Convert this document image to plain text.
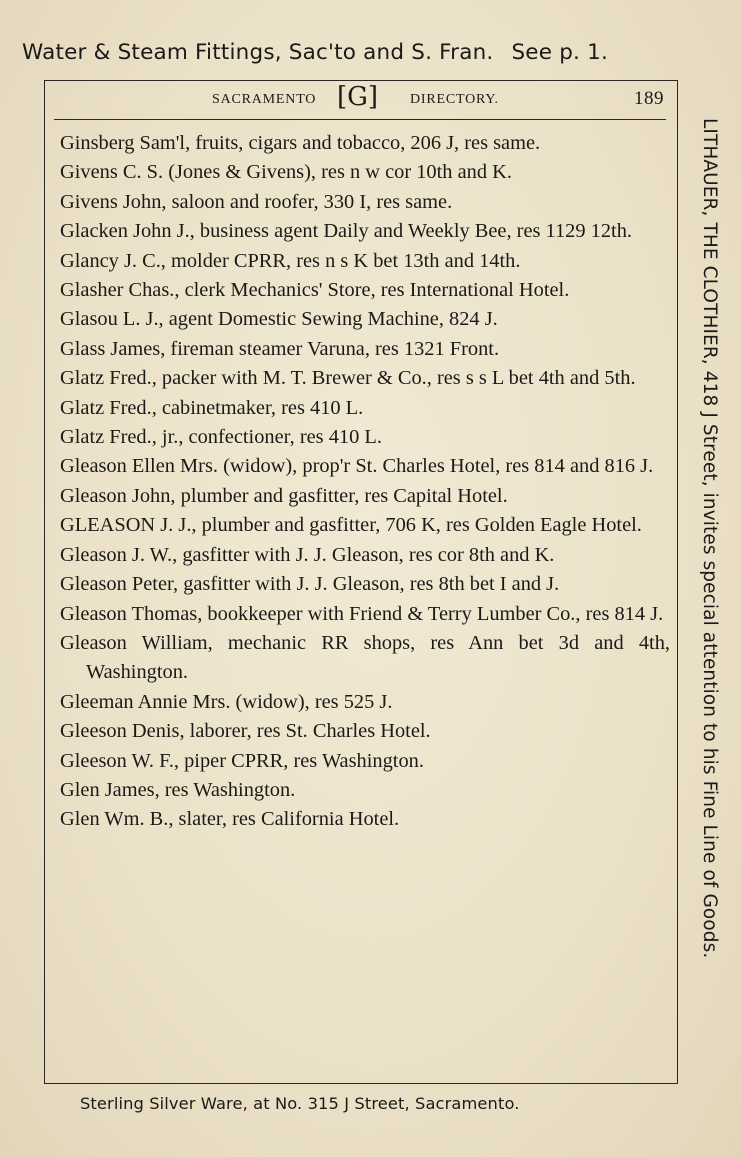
Water & Steam Fittings, Sac'to and S. Fran. See p. 1.
SACRAMENTO [G] DIRECTORY.	189
Ginsberg Sam'l, fruits, cigars and tobacco, 206 J, res same.
Givens C. S. (Jones & Givens), res n w cor 10th and K.
Givens John, saloon and roofer, 330 I, res same.
Glacken John J., business agent Daily and Weekly Bee, res 1129 12th.
Glancy J. C., molder CPRR, res n s K bet 13th and 14th.
Glasher Chas., clerk Mechanics' Store, res International Hotel.
Glasou L. J., agent Domestic Sewing Machine, 824 J.
Glass James, fireman steamer Varuna, res 1321 Front.
Glatz Fred., packer with M. T. Brewer & Co., res s s L bet 4th and 5th.
Glatz Fred., cabinetmaker, res 410 L.
Glatz Fred., jr., confectioner, res 410 L.
Gleason Ellen Mrs. (widow), prop'r St. Charles Hotel, res 814 and 816 J.
Gleason John, plumber and gasfitter, res Capital Hotel.
GLEASON J. J., plumber and gasfitter, 706 K, res Golden Eagle Hotel.
Gleason J. W., gasfitter with J. J. Gleason, res cor 8th and K.
Gleason Peter, gasfitter with J. J. Gleason, res 8th bet I and J.
Gleason Thomas, bookkeeper with Friend & Terry Lumber Co., res 814 J.
Gleason William, mechanic RR shops, res Ann bet 3d and 4th, Washington.
Gleeman Annie Mrs. (widow), res 525 J.
Gleeson Denis, laborer, res St. Charles Hotel.
Gleeson W. F., piper CPRR, res Washington.
Glen James, res Washington.
Glen Wm. B., slater, res California Hotel.	LITHAUER, THE CLOTHIER, 418 J Street, invites special attention to his Fine Line of Goods.
Sterling Silver Ware, at No. 315 J Street, Sacramento.
